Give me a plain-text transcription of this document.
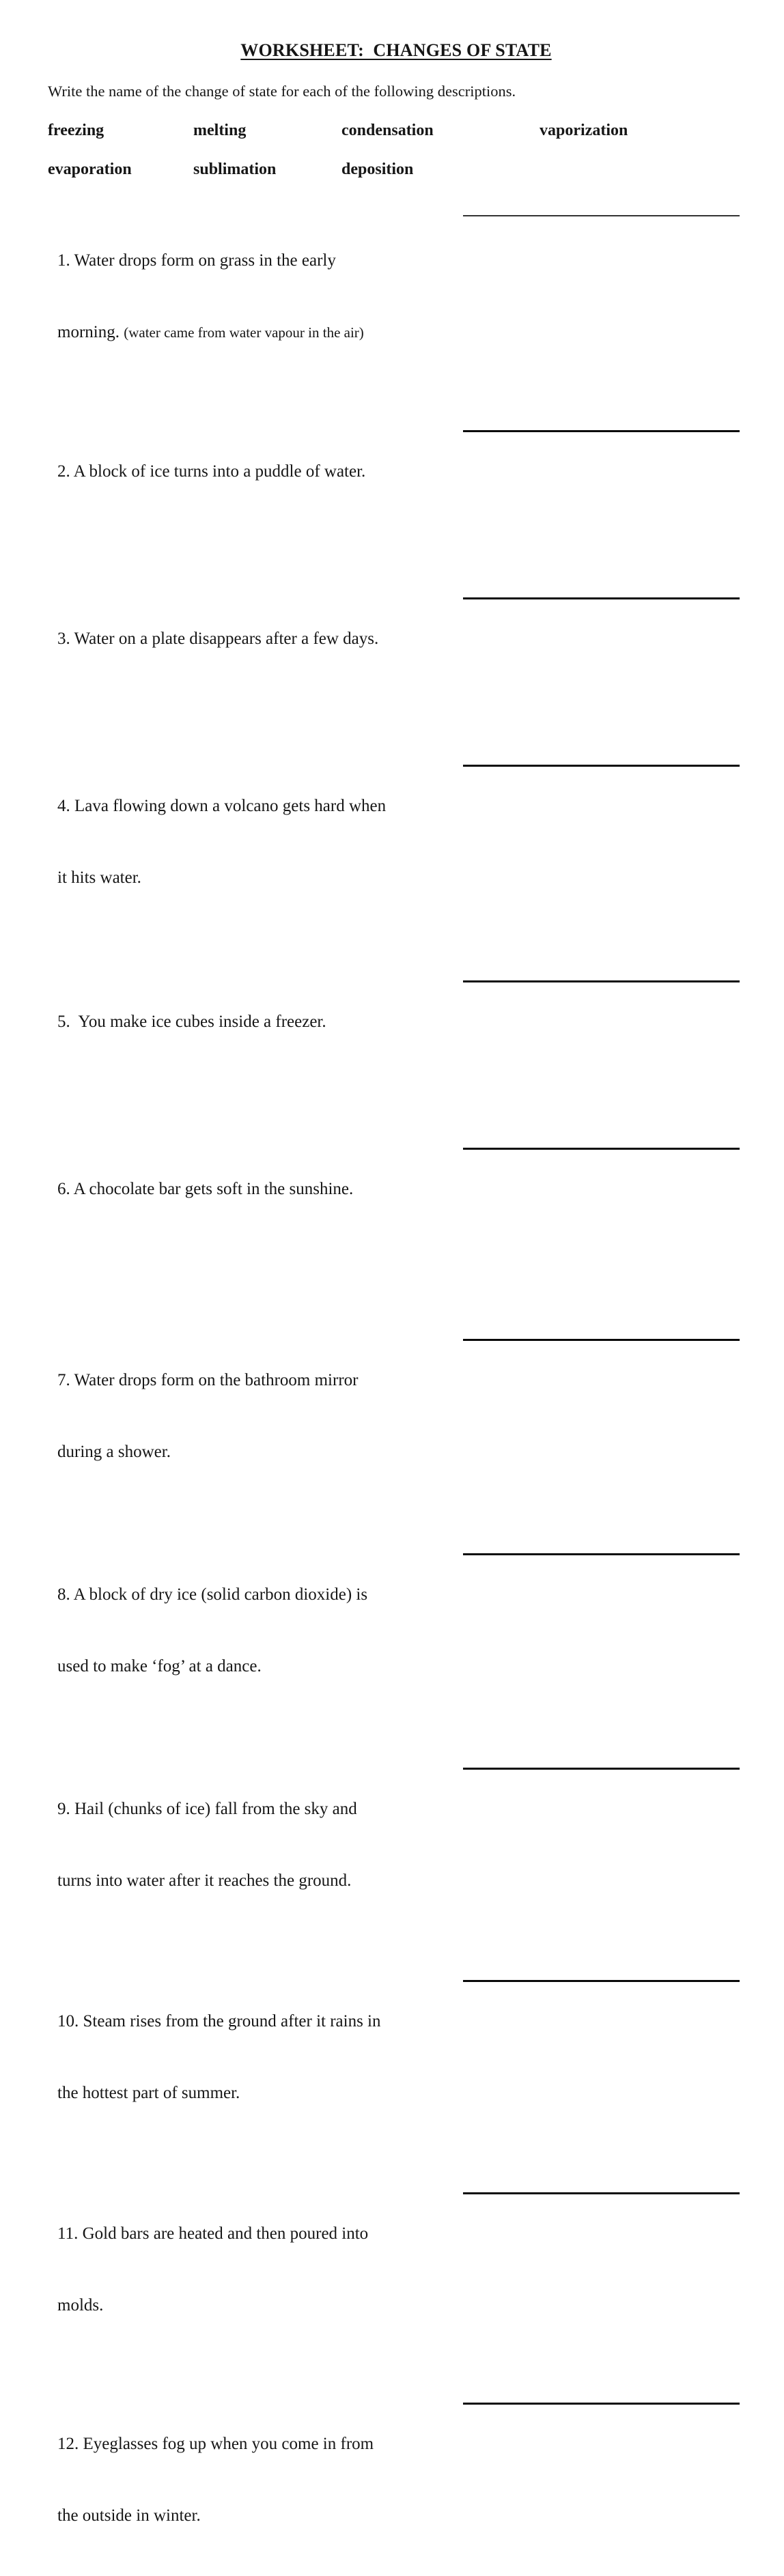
WORKSHEET:  CHANGES OF STATE
Write the name of the change of state for each of the following descriptions.
freezing	melting	condensation	vaporization
evaporation	sublimation	deposition

1. Water drops form on grass in the early

morning. (water came from water vapour in the air)

2. A block of ice turns into a puddle of water.

3. Water on a plate disappears after a few days.

4. Lava flowing down a volcano gets hard when

it hits water.

5.  You make ice cubes inside a freezer.

6. A chocolate bar gets soft in the sunshine.

7. Water drops form on the bathroom mirror

during a shower.

8. A block of dry ice (solid carbon dioxide) is

used to make ‘fog’ at a dance.

9. Hail (chunks of ice) fall from the sky and

turns into water after it reaches the ground.

10. Steam rises from the ground after it rains in

the hottest part of summer.

11. Gold bars are heated and then poured into

molds.

12. Eyeglasses fog up when you come in from

the outside in winter.
